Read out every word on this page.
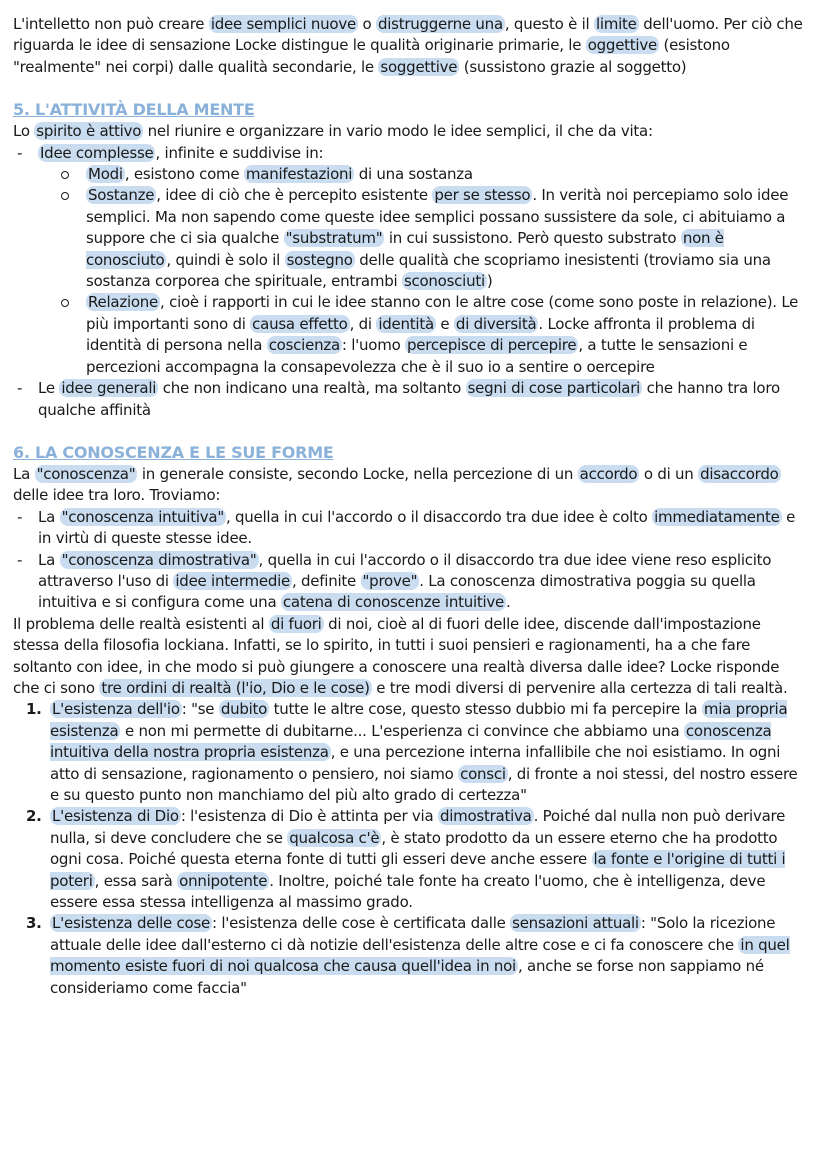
L'intelletto non può creare idee semplici nuove o distruggerne una , questo è il limite dell'uomo. Per ciò che riguarda le idee di sensazione Locke distingue le qualità originarie primarie, le oggettive (esistono "realmente" nei corpi) dalle qualità secondarie, le soggettive (sussistono grazie al soggetto)

5. L'ATTIVITÀ DELLA MENTE

Lo spirito è attivo nel riunire e organizzare in vario modo le idee semplici, il che da vita:

- Idee complesse , infinite e suddivise in:
Modi , esistono come manifestazioni di una sostanza
Sostanze , idee di ciò che è percepito esistente per se stesso . In verità noi percepiamo solo idee semplici. Ma non sapendo come queste idee semplici possano sussistere da sole, ci abituiamo a suppore che ci sia qualche "substratum" in cui sussistono. Però questo substrato non è conosciuto , quindi è solo il sostegno delle qualità che scopriamo inesistenti (troviamo sia una sostanza corporea che spirituale, entrambi sconosciuti )
Relazione , cioè i rapporti in cui le idee stanno con le altre cose (come sono poste in relazione). Le più importanti sono di causa effetto , di identità e di diversità . Locke affronta il problema di identità di persona nella coscienza : l'uomo percepisce di percepire , a tutte le sensazioni e percezioni accompagna la consapevolezza che è il suo io a sentire o oercepire
- Le idee generali che non indicano una realtà, ma soltanto segni di cose particolari che hanno tra loro qualche affinità
6. LA CONOSCENZA E LE SUE FORME

La "conoscenza" in generale consiste, secondo Locke, nella percezione di un accordo o di un disaccordo delle idee tra loro. Troviamo:

- La "conoscenza intuitiva" , quella in cui l'accordo o il disaccordo tra due idee è colto immediatamente e in virtù di queste stesse idee.
- La "conoscenza dimostrativa" , quella in cui l'accordo o il disaccordo tra due idee viene reso esplicito attraverso l'uso di idee intermedie , definite "prove" . La conoscenza dimostrativa poggia su quella intuitiva e si configura come una catena di conoscenze intuitive .

Il problema delle realtà esistenti al di fuori di noi, cioè al di fuori delle idee, discende dall'impostazione stessa della filosofia lockiana. Infatti, se lo spirito, in tutti i suoi pensieri e ragionamenti, ha a che fare soltanto con idee, in che modo si può giungere a conoscere una realtà diversa dalle idee? Locke risponde che ci sono tre ordini di realtà (l'io, Dio e le cose) e tre modi diversi di pervenire alla certezza di tali realtà.

1. L'esistenza dell'io : "se dubito tutte le altre cose, questo stesso dubbio mi fa percepire la mia propria esistenza e non mi permette di dubitarne... L'esperienza ci convince che abbiamo una conoscenza intuitiva della nostra propria esistenza , e una percezione interna infallibile che noi esistiamo. In ogni atto di sensazione, ragionamento o pensiero, noi siamo consci , di fronte a noi stessi, del nostro essere e su questo punto non manchiamo del più alto grado di certezza"
2. L'esistenza di Dio : l'esistenza di Dio è attinta per via dimostrativa . Poiché dal nulla non può derivare nulla, si deve concludere che se qualcosa c'è , è stato prodotto da un essere eterno che ha prodotto ogni cosa. Poiché questa eterna fonte di tutti gli esseri deve anche essere la fonte e l'origine di tutti i poteri , essa sarà onnipotente . Inoltre, poiché tale fonte ha creato l'uomo, che è intelligenza, deve essere essa stessa intelligenza al massimo grado.
3. L'esistenza delle cose : l'esistenza delle cose è certificata dalle sensazioni attuali : "Solo la ricezione attuale delle idee dall'esterno ci dà notizie dell'esistenza delle altre cose e ci fa conoscere che in quel momento esiste fuori di noi qualcosa che causa quell'idea in noi , anche se forse non sappiamo né consideriamo come faccia"
